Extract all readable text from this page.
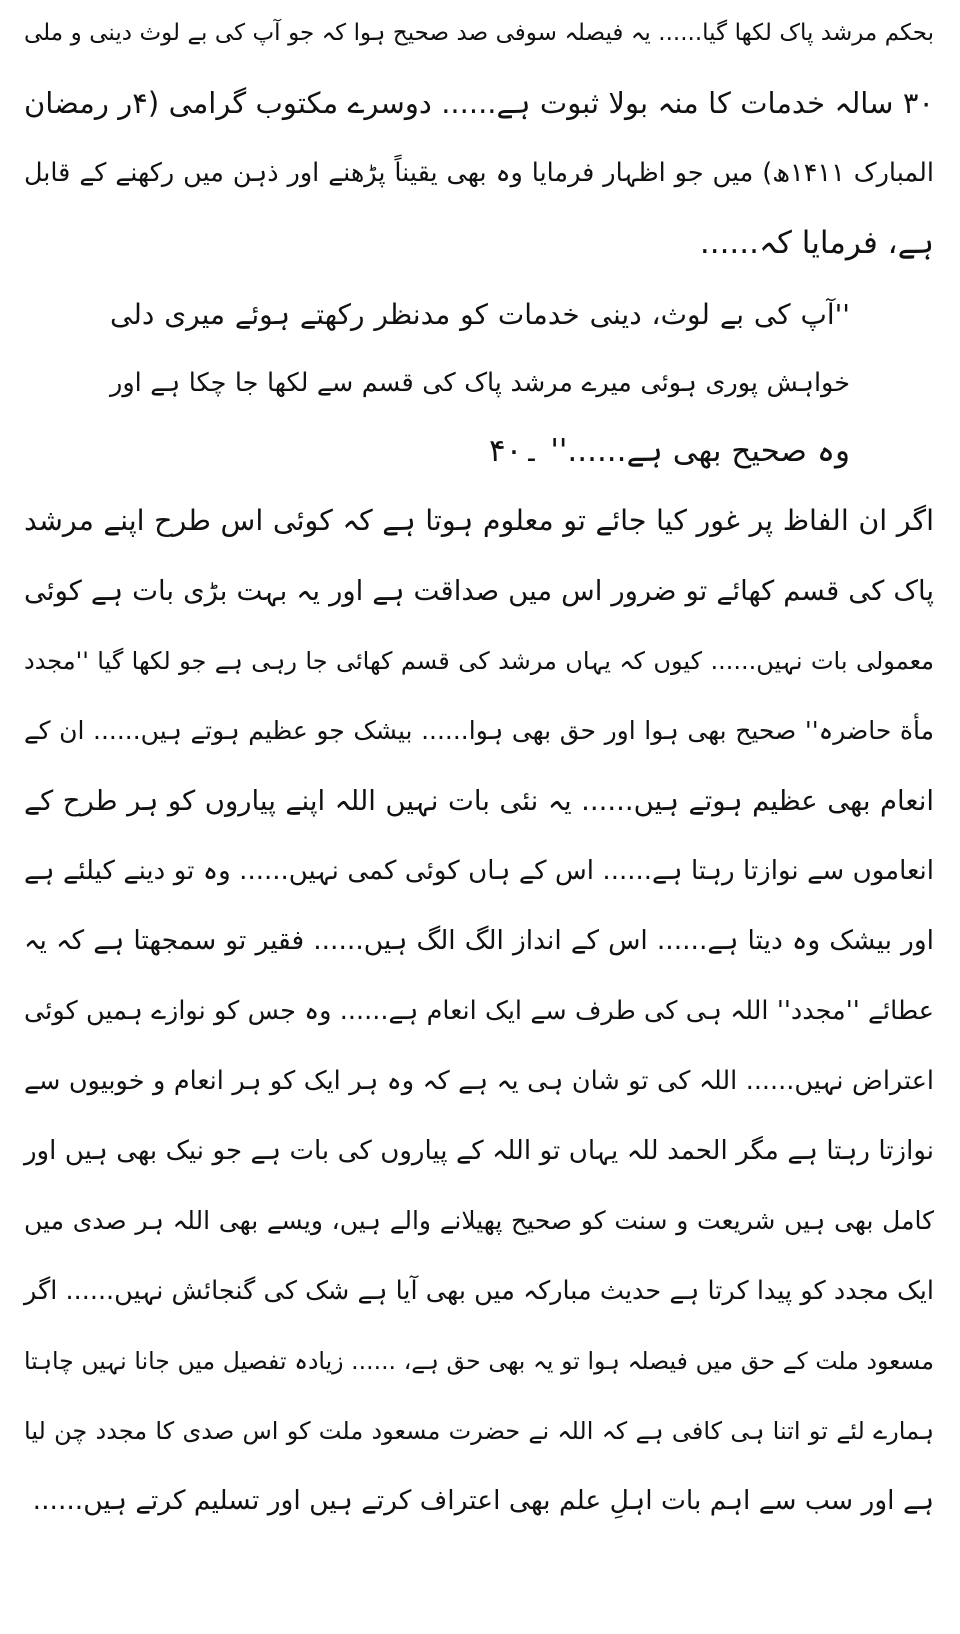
بحکم مرشد پاک لکھا گیا...... یہ فیصلہ سوفی صد صحیح ہوا کہ جو آپ کی بے لوث دینی و ملی
۳۰ سالہ خدمات کا منہ بولا ثبوت ہے...... دوسرے مکتوب گرامی (۴ر رمضان
المبارک ۱۴۱۱ھ) میں جو اظہار فرمایا وہ بھی یقیناً پڑھنے اور ذہن میں رکھنے کے قابل
ہے، فرمایا کہ......
''آپ کی بے لوث، دینی خدمات کو مدنظر رکھتے ہوئے میری دلی
خواہش پوری ہوئی میرے مرشد پاک کی قسم سے لکھا جا چکا ہے اور
وہ صحیح بھی ہے......'' ۔۴۰
اگر ان الفاظ پر غور کیا جائے تو معلوم ہوتا ہے کہ کوئی اس طرح اپنے مرشد
پاک کی قسم کھائے تو ضرور اس میں صداقت ہے اور یہ بہت بڑی بات ہے کوئی
معمولی بات نہیں...... کیوں کہ یہاں مرشد کی قسم کھائی جا رہی ہے جو لکھا گیا ''مجدد
مأة حاضرہ'' صحیح بھی ہوا اور حق بھی ہوا...... بیشک جو عظیم ہوتے ہیں...... ان کے
انعام بھی عظیم ہوتے ہیں...... یہ نئی بات نہیں اللہ اپنے پیاروں کو ہر طرح کے
انعاموں سے نوازتا رہتا ہے...... اس کے ہاں کوئی کمی نہیں...... وہ تو دینے کیلئے ہے
اور بیشک وہ دیتا ہے...... اس کے انداز الگ الگ ہیں...... فقیر تو سمجھتا ہے کہ یہ
عطائے ''مجدد'' اللہ ہی کی طرف سے ایک انعام ہے...... وہ جس کو نوازے ہمیں کوئی
اعتراض نہیں...... اللہ کی تو شان ہی یہ ہے کہ وہ ہر ایک کو ہر انعام و خوبیوں سے
نوازتا رہتا ہے مگر الحمد للہ یہاں تو اللہ کے پیاروں کی بات ہے جو نیک بھی ہیں اور
کامل بھی ہیں شریعت و سنت کو صحیح پھیلانے والے ہیں، ویسے بھی اللہ ہر صدی میں
ایک مجدد کو پیدا کرتا ہے حدیث مبارکہ میں بھی آیا ہے شک کی گنجائش نہیں...... اگر
مسعود ملت کے حق میں فیصلہ ہوا تو یہ بھی حق ہے، ...... زیادہ تفصیل میں جانا نہیں چاہتا
ہمارے لئے تو اتنا ہی کافی ہے کہ اللہ نے حضرت مسعود ملت کو اس صدی کا مجدد چن لیا
ہے اور سب سے اہم بات اہلِ علم بھی اعتراف کرتے ہیں اور تسلیم کرتے ہیں......
